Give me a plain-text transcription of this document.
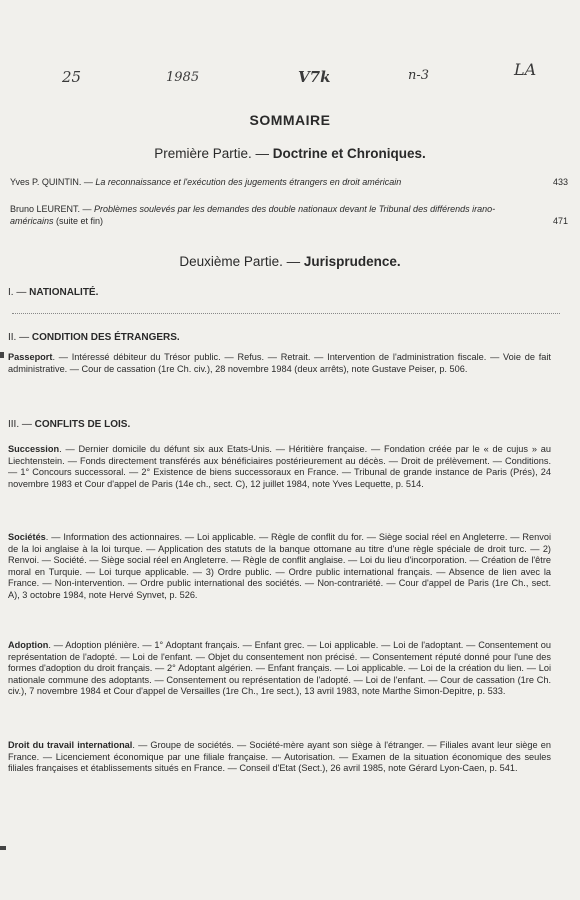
25	1985	V7k	n-3	LA
SOMMAIRE
Première Partie. — Doctrine et Chroniques.
Yves P. QUINTIN. — La reconnaissance et l'exécution des jugements étrangers en droit américain	433
Bruno LEURENT. — Problèmes soulevés par les demandes des double nationaux devant le Tribunal des différends irano-américains (suite et fin)	471
Deuxième Partie. — Jurisprudence.
I. — NATIONALITÉ.
II. — CONDITION DES ÉTRANGERS.

Passeport. — Intéressé débiteur du Trésor public. — Refus. — Retrait. — Intervention de l'administration fiscale. — Voie de fait administrative. — Cour de cassation (1re Ch. civ.), 28 novembre 1984 (deux arrêts), note Gustave Peiser, p. 506.

III. — CONFLITS DE LOIS.

Succession. — Dernier domicile du défunt six aux Etats-Unis. — Héritière française. — Fondation créée par le « de cujus » au Liechtenstein. — Fonds directement transférés aux bénéficiaires postérieurement au décès. — Droit de prélèvement. — Conditions. — 1° Concours successoral. — 2° Existence de biens successoraux en France. — Tribunal de grande instance de Paris (Prés), 24 novembre 1983 et Cour d'appel de Paris (14e ch., sect. C), 12 juillet 1984, note Yves Lequette, p. 514.

Sociétés. — Information des actionnaires. — Loi applicable. — Règle de conflit du for. — Siège social réel en Angleterre. — Renvoi de la loi anglaise à la loi turque. — Application des statuts de la banque ottomane au titre d'une règle spéciale de droit turc. — 2) Renvoi. — Société. — Siège social réel en Angleterre. — Règle de conflit anglaise. — Loi du lieu d'incorporation. — Création de l'être moral en Turquie. — Loi turque applicable. — 3) Ordre public. — Ordre public international français. — Absence de lien avec la France. — Non-intervention. — Ordre public international des sociétés. — Non-contrariété. — Cour d'appel de Paris (1re Ch., sect. A), 3 octobre 1984, note Hervé Synvet, p. 526.

Adoption. — Adoption plénière. — 1° Adoptant français. — Enfant grec. — Loi applicable. — Loi de l'adoptant. — Consentement ou représentation de l'adopté. — Loi de l'enfant. — Objet du consentement non précisé. — Consentement réputé donné pour l'une des formes d'adoption du droit français. — 2° Adoptant algérien. — Enfant français. — Loi applicable. — Loi de la création du lien. — Loi nationale commune des adoptants. — Consentement ou représentation de l'adopté. — Loi de l'enfant. — Cour de cassation (1re Ch. civ.), 7 novembre 1984 et Cour d'appel de Versailles (1re Ch., 1re sect.), 13 avril 1983, note Marthe Simon-Depitre, p. 533.

Droit du travail international. — Groupe de sociétés. — Société-mère ayant son siège à l'étranger. — Filiales avant leur siège en France. — Licenciement économique par une filiale française. — Autorisation. — Examen de la situation économique des seules filiales françaises et établissements situés en France. — Conseil d'Etat (Sect.), 26 avril 1985, note Gérard Lyon-Caen, p. 541.
